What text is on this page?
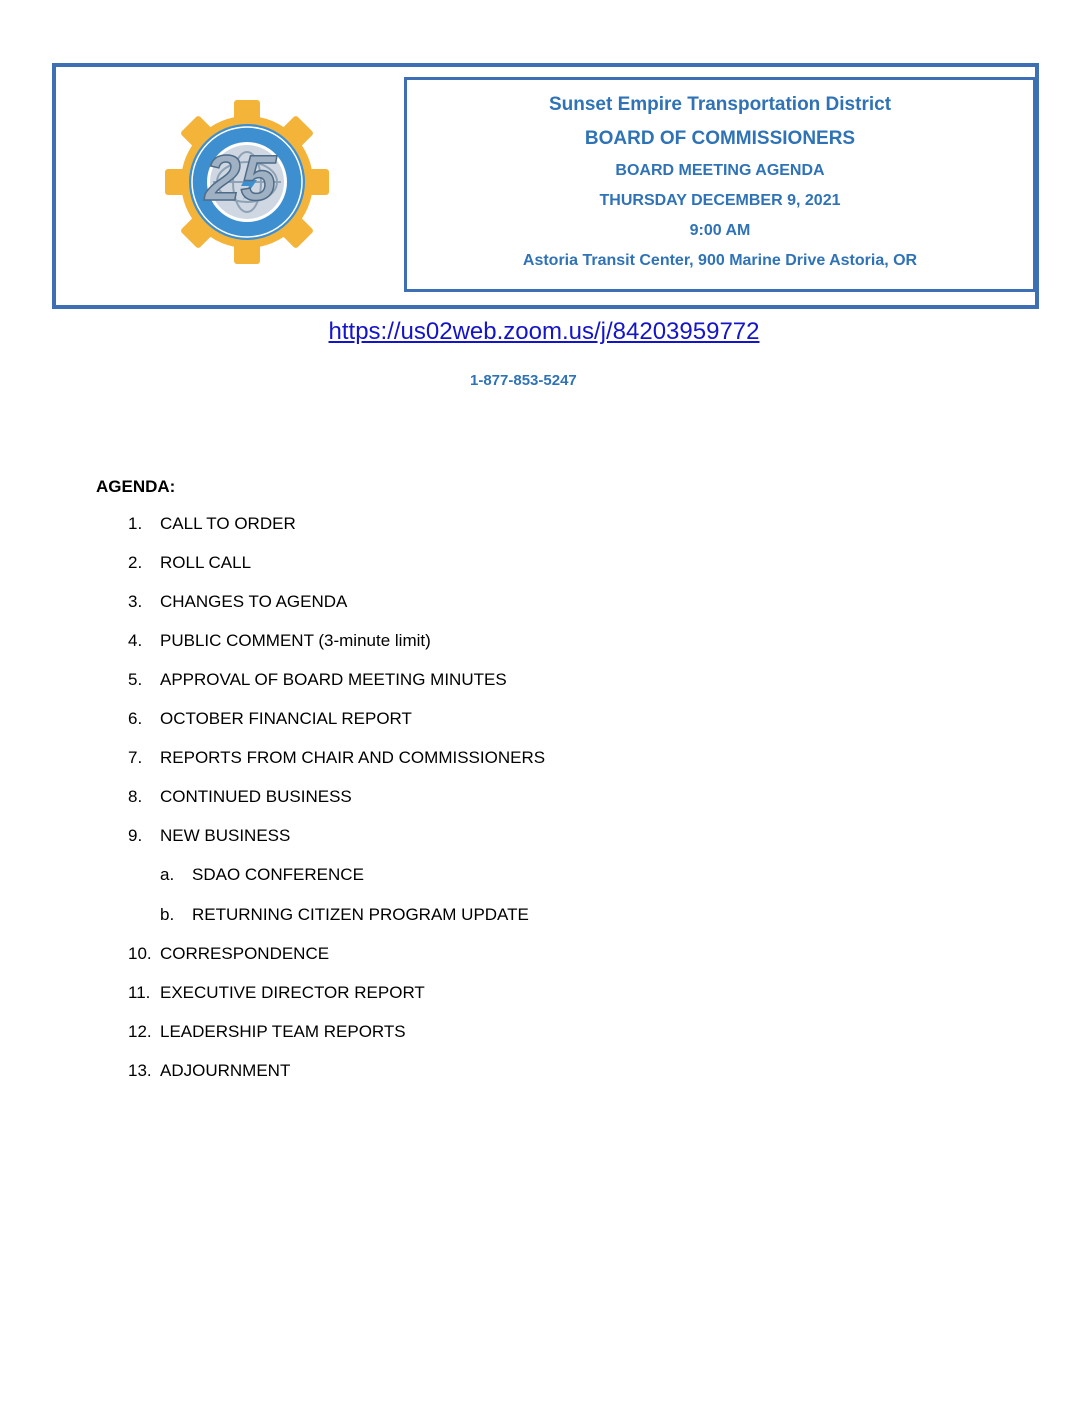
25
Sunset Empire Transportation District
BOARD OF COMMISSIONERS
BOARD MEETING AGENDA
THURSDAY DECEMBER 9, 2021
9:00 AM
Astoria Transit Center, 900 Marine Drive Astoria, OR
https://us02web.zoom.us/j/84203959772
1-877-853-5247
AGENDA:
1. CALL TO ORDER
2. ROLL CALL
3. CHANGES TO AGENDA
4. PUBLIC COMMENT (3-minute limit)
5. APPROVAL OF BOARD MEETING MINUTES
6. OCTOBER FINANCIAL REPORT
7. REPORTS FROM CHAIR AND COMMISSIONERS
8. CONTINUED BUSINESS
9. NEW BUSINESS
a. SDAO CONFERENCE
b. RETURNING CITIZEN PROGRAM UPDATE
10. CORRESPONDENCE
11. EXECUTIVE DIRECTOR REPORT
12. LEADERSHIP TEAM REPORTS
13. ADJOURNMENT
